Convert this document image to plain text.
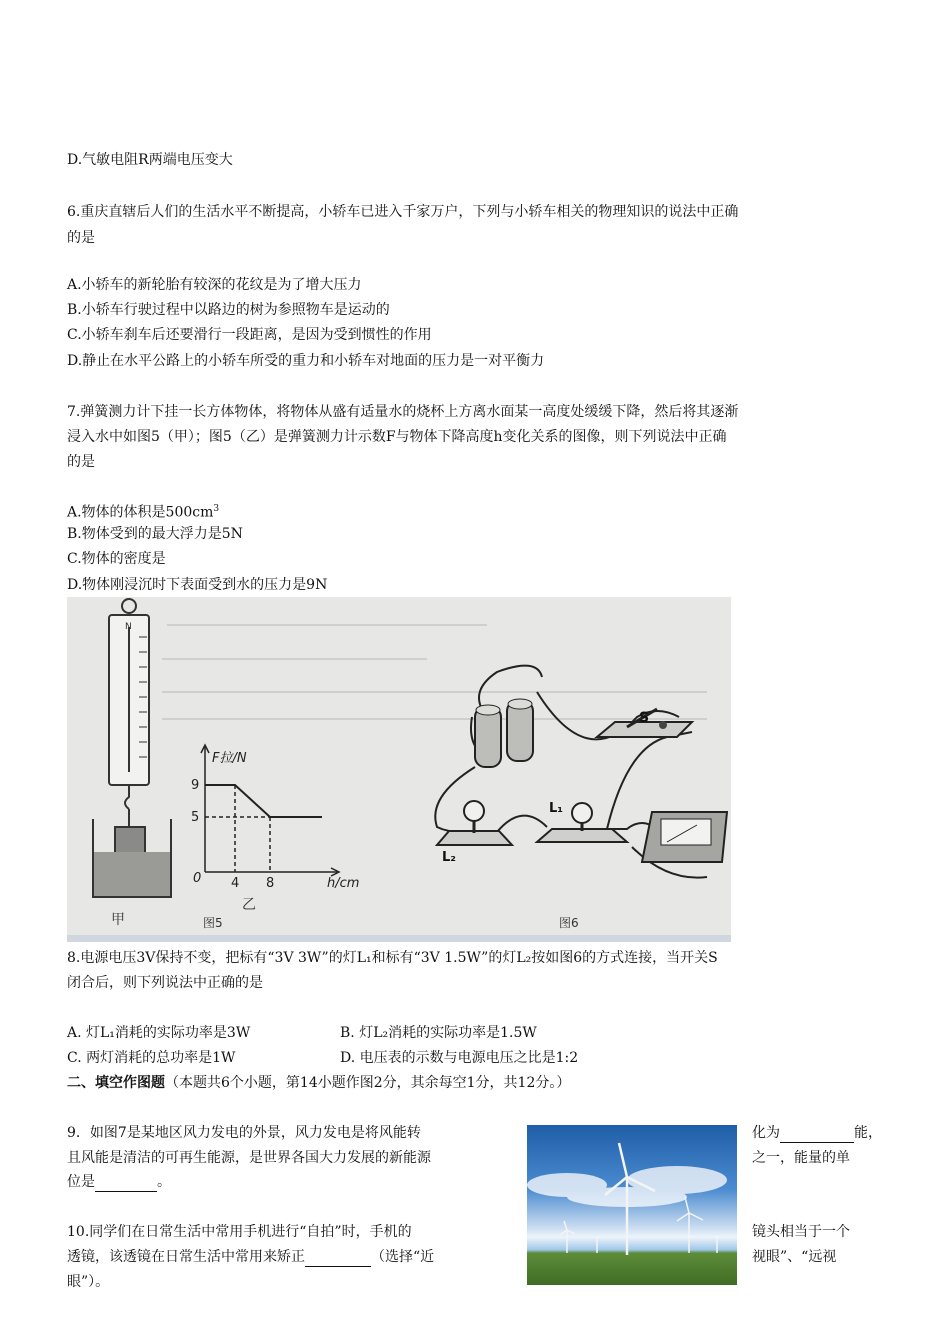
D.气敏电阻R两端电压变大
6.重庆直辖后人们的生活水平不断提高，小轿车已进入千家万户，下列与小轿车相关的物理知识的说法中正确
的是
A.小轿车的新轮胎有较深的花纹是为了增大压力
B.小轿车行驶过程中以路边的树为参照物车是运动的
C.小轿车刹车后还要滑行一段距离，是因为受到惯性的作用
D.静止在水平公路上的小轿车所受的重力和小轿车对地面的压力是一对平衡力
7.弹簧测力计下挂一长方体物体，将物体从盛有适量水的烧杯上方离水面某一高度处缓缓下降，然后将其逐渐
浸入水中如图5（甲）；图5（乙）是弹簧测力计示数F与物体下降高度h变化关系的图像，则下列说法中正确
的是
A.物体的体积是$500cm^3$
B.物体受到的最大浮力是5N
C.物体的密度是
D.物体刚浸沉时下表面受到水的压力是9N
N
甲
F拉/N
9
5
0 4 8	h/cm
乙
图5
S
L₁
L₂
图6
8.电源电压3V保持不变，把标有“3V 3W”的灯L₁和标有“3V 1.5W”的灯L₂按如图6的方式连接，当开关S
闭合后，则下列说法中正确的是
A. 灯L₁消耗的实际功率是3W	B. 灯L₂消耗的实际功率是1.5W
C. 两灯消耗的总功率是1W	D. 电压表的示数与电源电压之比是1:2
二、填空作图题（本题共6个小题，第14小题作图2分，其余每空1分，共12分。）
9．如图7是某地区风力发电的外景，风力发电是将风能转
且风能是清洁的可再生能源，是世界各国大力发展的新能源
位是	。
化为	能，
之一，能量的单
10.同学们在日常生活中常用手机进行“自拍”时，手机的
透镜，该透镜在日常生活中常用来矫正	（选择“近
眼”）。
镜头相当于一个
视眼”、“远视
